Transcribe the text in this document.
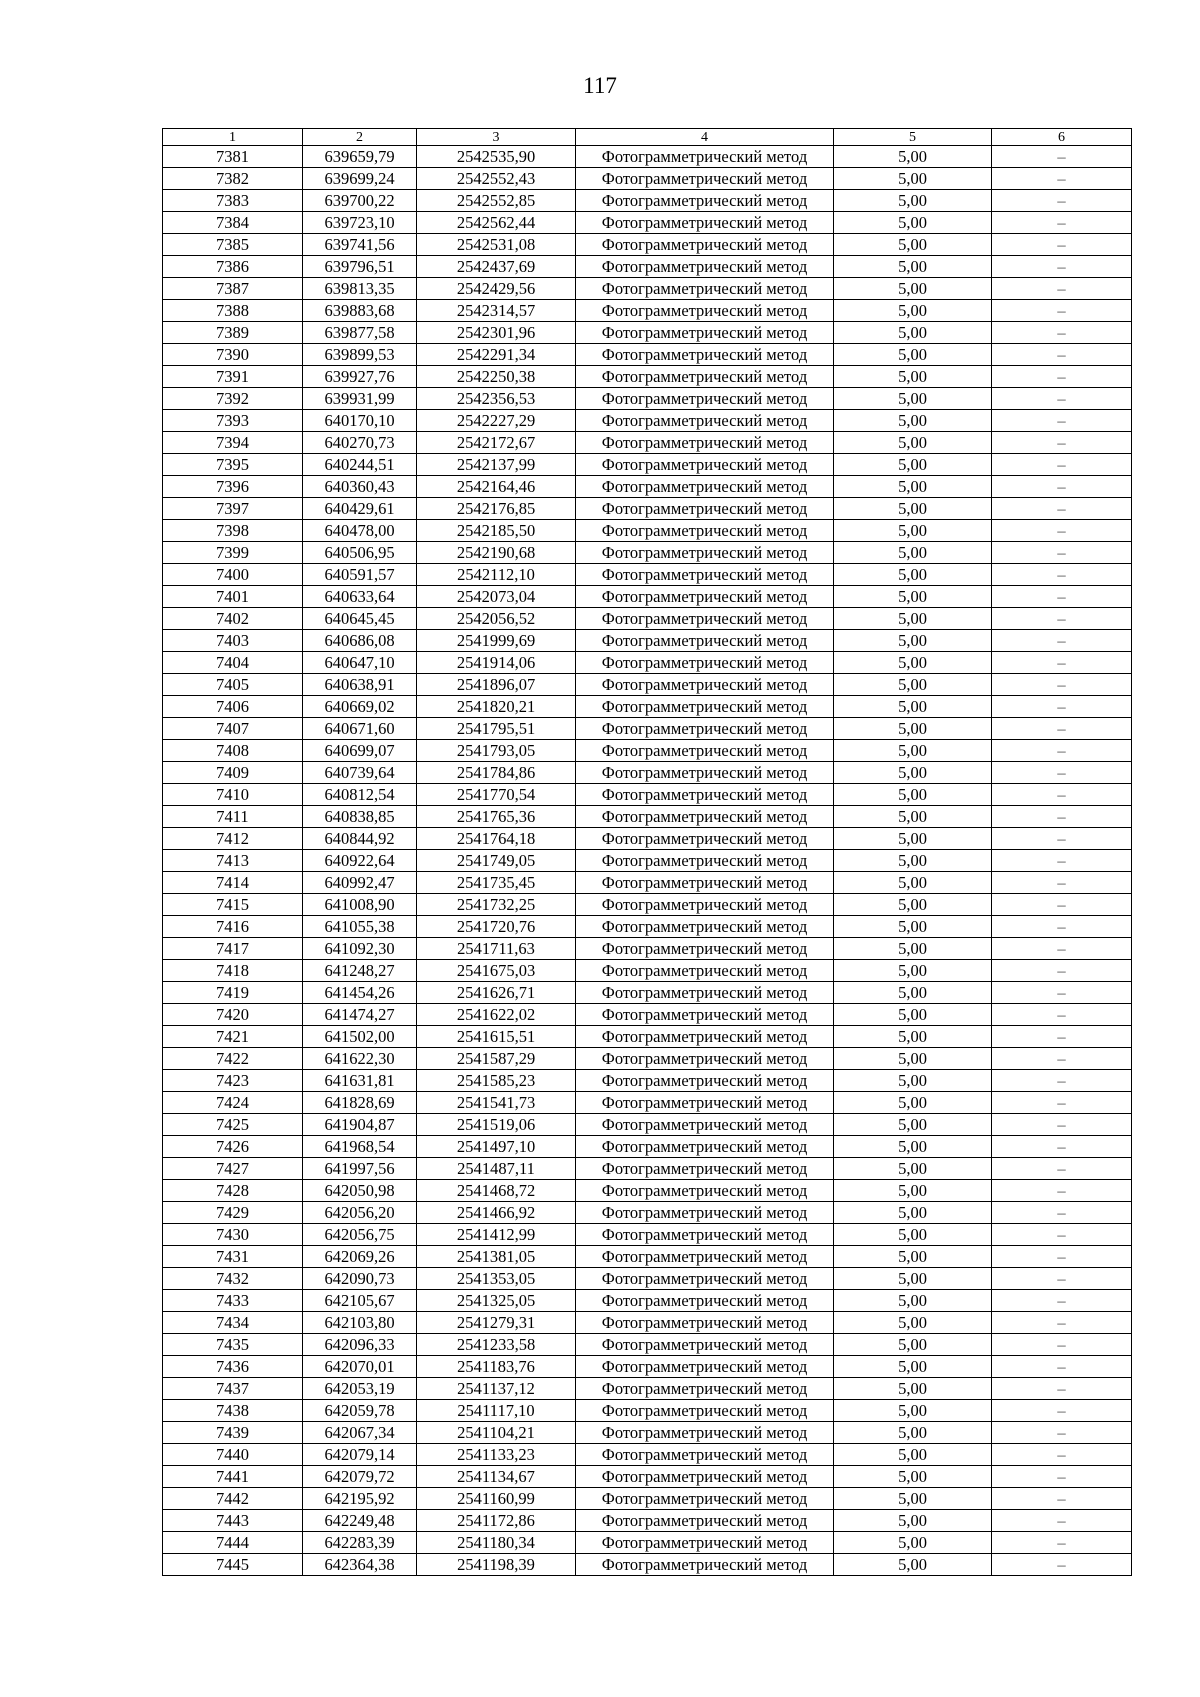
117
1	2	3	4	5	6
7381	639659,79	2542535,90	Фотограмметрический метод	5,00	–
7382	639699,24	2542552,43	Фотограмметрический метод	5,00	–
7383	639700,22	2542552,85	Фотограмметрический метод	5,00	–
7384	639723,10	2542562,44	Фотограмметрический метод	5,00	–
7385	639741,56	2542531,08	Фотограмметрический метод	5,00	–
7386	639796,51	2542437,69	Фотограмметрический метод	5,00	–
7387	639813,35	2542429,56	Фотограмметрический метод	5,00	–
7388	639883,68	2542314,57	Фотограмметрический метод	5,00	–
7389	639877,58	2542301,96	Фотограмметрический метод	5,00	–
7390	639899,53	2542291,34	Фотограмметрический метод	5,00	–
7391	639927,76	2542250,38	Фотограмметрический метод	5,00	–
7392	639931,99	2542356,53	Фотограмметрический метод	5,00	–
7393	640170,10	2542227,29	Фотограмметрический метод	5,00	–
7394	640270,73	2542172,67	Фотограмметрический метод	5,00	–
7395	640244,51	2542137,99	Фотограмметрический метод	5,00	–
7396	640360,43	2542164,46	Фотограмметрический метод	5,00	–
7397	640429,61	2542176,85	Фотограмметрический метод	5,00	–
7398	640478,00	2542185,50	Фотограмметрический метод	5,00	–
7399	640506,95	2542190,68	Фотограмметрический метод	5,00	–
7400	640591,57	2542112,10	Фотограмметрический метод	5,00	–
7401	640633,64	2542073,04	Фотограмметрический метод	5,00	–
7402	640645,45	2542056,52	Фотограмметрический метод	5,00	–
7403	640686,08	2541999,69	Фотограмметрический метод	5,00	–
7404	640647,10	2541914,06	Фотограмметрический метод	5,00	–
7405	640638,91	2541896,07	Фотограмметрический метод	5,00	–
7406	640669,02	2541820,21	Фотограмметрический метод	5,00	–
7407	640671,60	2541795,51	Фотограмметрический метод	5,00	–
7408	640699,07	2541793,05	Фотограмметрический метод	5,00	–
7409	640739,64	2541784,86	Фотограмметрический метод	5,00	–
7410	640812,54	2541770,54	Фотограмметрический метод	5,00	–
7411	640838,85	2541765,36	Фотограмметрический метод	5,00	–
7412	640844,92	2541764,18	Фотограмметрический метод	5,00	–
7413	640922,64	2541749,05	Фотограмметрический метод	5,00	–
7414	640992,47	2541735,45	Фотограмметрический метод	5,00	–
7415	641008,90	2541732,25	Фотограмметрический метод	5,00	–
7416	641055,38	2541720,76	Фотограмметрический метод	5,00	–
7417	641092,30	2541711,63	Фотограмметрический метод	5,00	–
7418	641248,27	2541675,03	Фотограмметрический метод	5,00	–
7419	641454,26	2541626,71	Фотограмметрический метод	5,00	–
7420	641474,27	2541622,02	Фотограмметрический метод	5,00	–
7421	641502,00	2541615,51	Фотограмметрический метод	5,00	–
7422	641622,30	2541587,29	Фотограмметрический метод	5,00	–
7423	641631,81	2541585,23	Фотограмметрический метод	5,00	–
7424	641828,69	2541541,73	Фотограмметрический метод	5,00	–
7425	641904,87	2541519,06	Фотограмметрический метод	5,00	–
7426	641968,54	2541497,10	Фотограмметрический метод	5,00	–
7427	641997,56	2541487,11	Фотограмметрический метод	5,00	–
7428	642050,98	2541468,72	Фотограмметрический метод	5,00	–
7429	642056,20	2541466,92	Фотограмметрический метод	5,00	–
7430	642056,75	2541412,99	Фотограмметрический метод	5,00	–
7431	642069,26	2541381,05	Фотограмметрический метод	5,00	–
7432	642090,73	2541353,05	Фотограмметрический метод	5,00	–
7433	642105,67	2541325,05	Фотограмметрический метод	5,00	–
7434	642103,80	2541279,31	Фотограмметрический метод	5,00	–
7435	642096,33	2541233,58	Фотограмметрический метод	5,00	–
7436	642070,01	2541183,76	Фотограмметрический метод	5,00	–
7437	642053,19	2541137,12	Фотограмметрический метод	5,00	–
7438	642059,78	2541117,10	Фотограмметрический метод	5,00	–
7439	642067,34	2541104,21	Фотограмметрический метод	5,00	–
7440	642079,14	2541133,23	Фотограмметрический метод	5,00	–
7441	642079,72	2541134,67	Фотограмметрический метод	5,00	–
7442	642195,92	2541160,99	Фотограмметрический метод	5,00	–
7443	642249,48	2541172,86	Фотограмметрический метод	5,00	–
7444	642283,39	2541180,34	Фотограмметрический метод	5,00	–
7445	642364,38	2541198,39	Фотограмметрический метод	5,00	–
